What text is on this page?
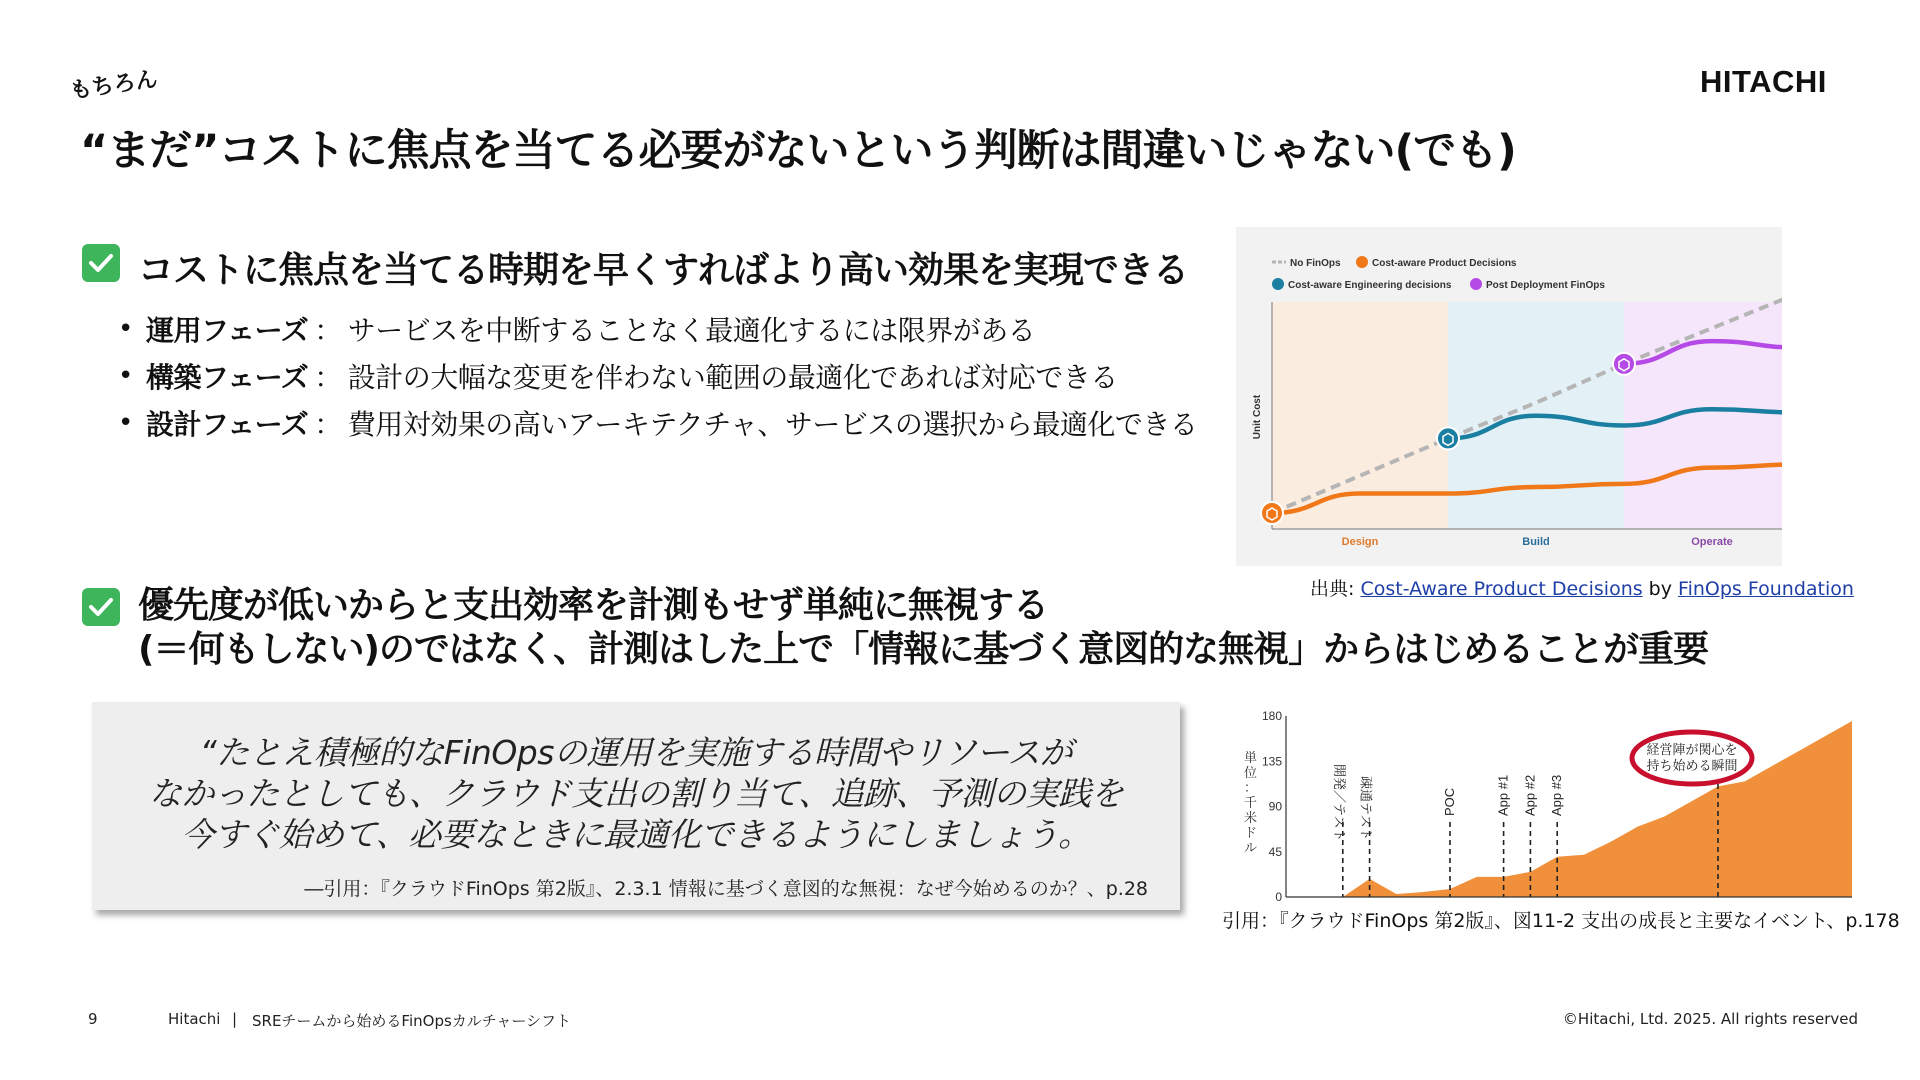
もちろん	HITACHI
“まだ”コストに焦点を当てる必要がないという判断は間違いじゃない(でも)
コストに焦点を当てる時期を早くすればより高い効果を実現できる
• 運用フェーズ ： サービスを中断することなく最適化するには限界がある
• 構築フェーズ ： 設計の大幅な変更を伴わない範囲の最適化であれば対応できる
• 設計フェーズ ： 費用対効果の高いアーキテクチャ、サービスの選択から最適化できる	Unit Cost
Design	Build	Operate
No FinOps	Cost-aware Product Decisions
Cost-aware Engineering decisions	Post Deployment FinOps
出典: Cost-Aware Product Decisions by FinOps Foundation
優先度が低いからと支出効率を計測もせず単純に無視する
(＝何もしない)のではなく、計測はした上で「情報に基づく意図的な無視」からはじめることが重要
“たとえ積極的なFinOpsの運用を実施する時間やリソースが
なかったとしても、クラウド支出の割り当て、追跡、予測の実践を
今すぐ始めて、必要なときに最適化できるようにしましょう。
―引用：『クラウドFinOps 第2版』、2.3.1 情報に基づく意図的な無視：なぜ今始めるのか？、p.28
開発／テスト 疎通テスト	POC	App #1 App #2 App #3
0
45
90
135
180
単位：千米ドル
経営陣が関心を
持ち始める瞬間
引用：『クラウドFinOps 第2版』、図11-2 支出の成長と主要なイベント、p.178
9	Hitachi | SREチームから始めるFinOpsカルチャーシフト	©Hitachi, Ltd. 2025. All rights reserved
